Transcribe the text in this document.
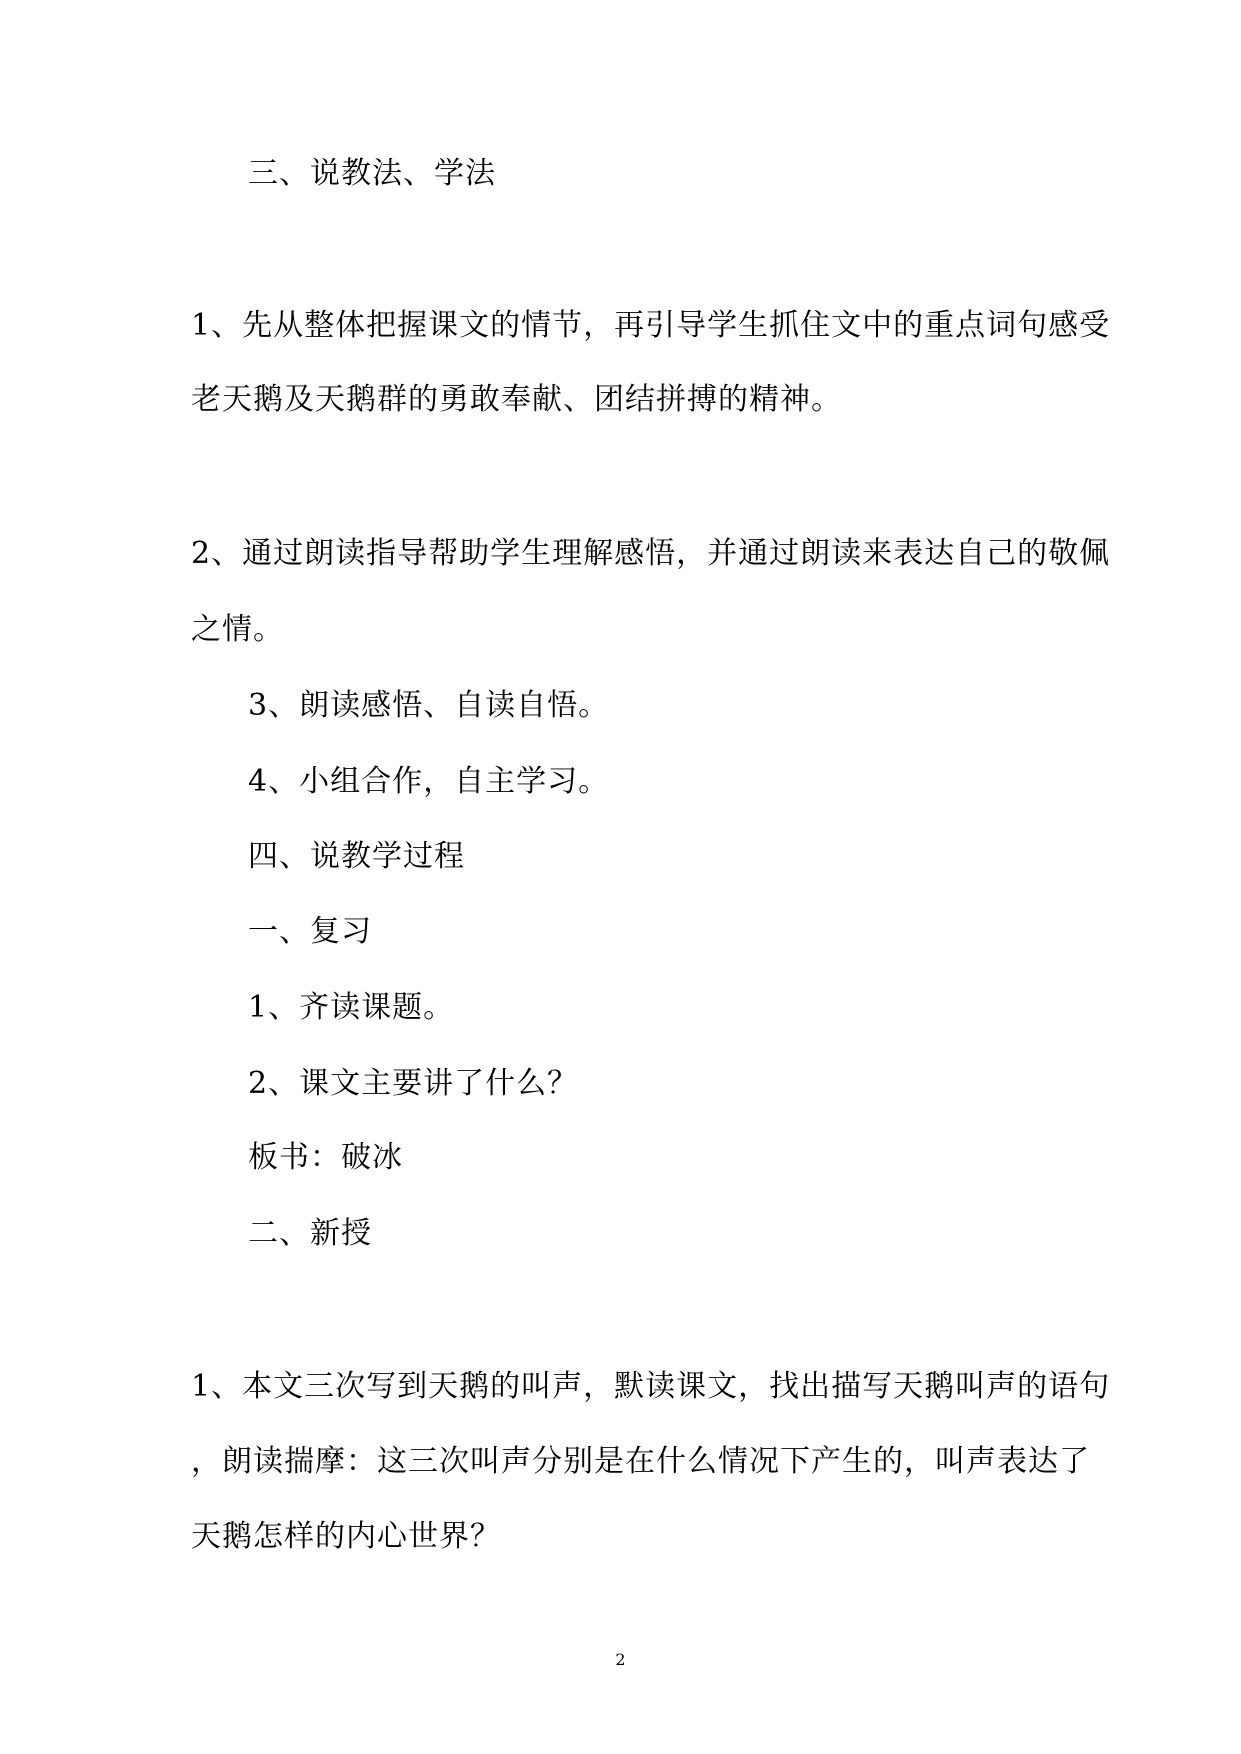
三、说教法、学法
1、先从整体把握课文的情节，再引导学生抓住文中的重点词句感受
老天鹅及天鹅群的勇敢奉献、团结拼搏的精神。
2、通过朗读指导帮助学生理解感悟，并通过朗读来表达自己的敬佩
之情。
3、朗读感悟、自读自悟。
4、小组合作，自主学习。
四、说教学过程
一、复习
1、齐读课题。
2、课文主要讲了什么？
板书：破冰
二、新授
1、本文三次写到天鹅的叫声，默读课文，找出描写天鹅叫声的语句
，朗读揣摩：这三次叫声分别是在什么情况下产生的，叫声表达了
天鹅怎样的内心世界？
2
